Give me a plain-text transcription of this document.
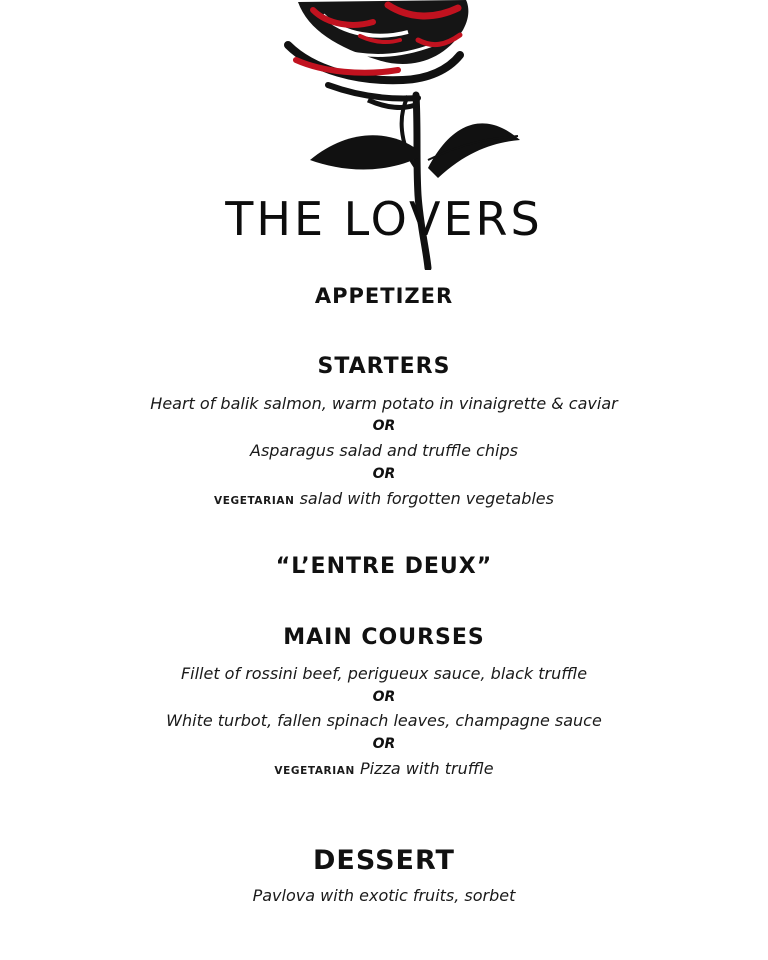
THE LOVERS
APPETIZER
STARTERS
Heart of balik salmon, warm potato in vinaigrette & caviar
OR
Asparagus salad and truffle chips
OR
VEGETARIAN salad with forgotten vegetables
“L’ENTRE DEUX”
MAIN COURSES
Fillet of rossini beef, perigueux sauce, black truffle
OR
White turbot, fallen spinach leaves, champagne sauce
OR
VEGETARIAN Pizza with truffle
DESSERT
Pavlova with exotic fruits, sorbet
